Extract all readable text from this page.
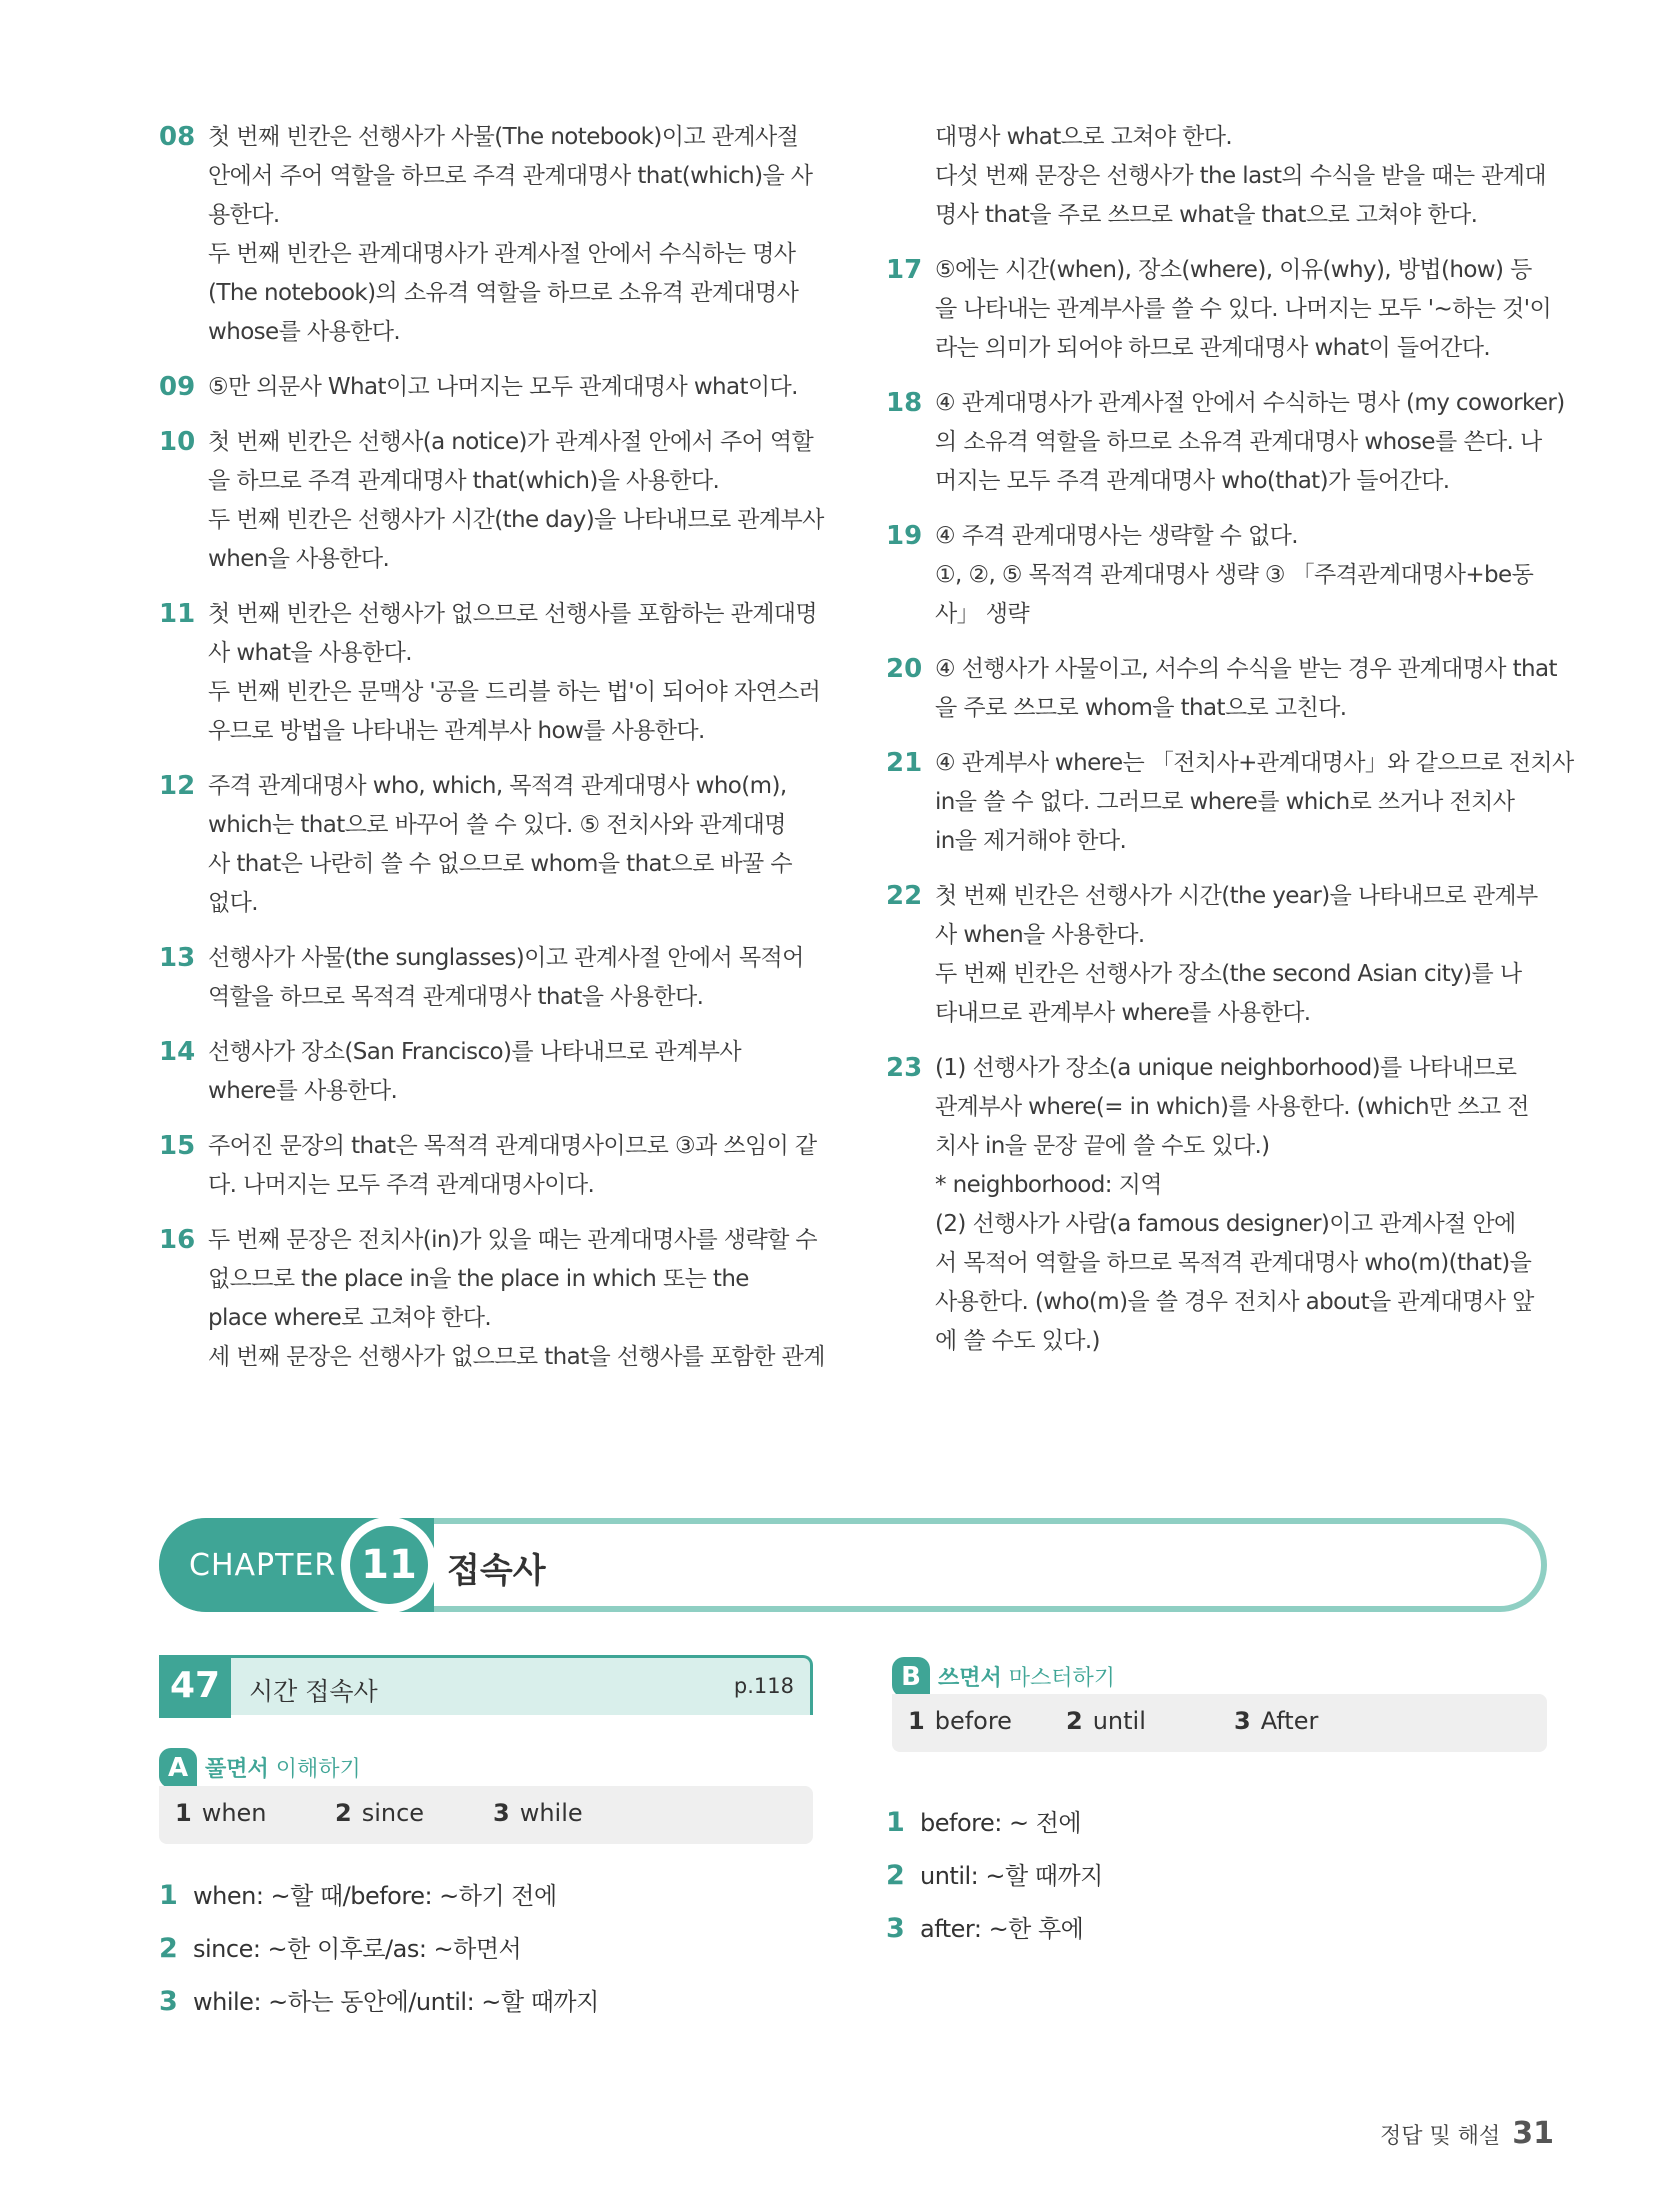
08 첫 번째 빈칸은 선행사가 사물(The notebook)이고 관계사절
안에서 주어 역할을 하므로 주격 관계대명사 that(which)을 사
용한다.
두 번째 빈칸은 관계대명사가 관계사절 안에서 수식하는 명사
(The notebook)의 소유격 역할을 하므로 소유격 관계대명사
whose를 사용한다.
09 ⑤만 의문사 What이고 나머지는 모두 관계대명사 what이다.
10 첫 번째 빈칸은 선행사(a notice)가 관계사절 안에서 주어 역할
을 하므로 주격 관계대명사 that(which)을 사용한다.
두 번째 빈칸은 선행사가 시간(the day)을 나타내므로 관계부사
when을 사용한다.
11 첫 번째 빈칸은 선행사가 없으므로 선행사를 포함하는 관계대명
사 what을 사용한다.
두 번째 빈칸은 문맥상 '공을 드리블 하는 법'이 되어야 자연스러
우므로 방법을 나타내는 관계부사 how를 사용한다.
12 주격 관계대명사 who, which, 목적격 관계대명사 who(m),
which는 that으로 바꾸어 쓸 수 있다. ⑤ 전치사와 관계대명
사 that은 나란히 쓸 수 없으므로 whom을 that으로 바꿀 수
없다.
13 선행사가 사물(the sunglasses)이고 관계사절 안에서 목적어
역할을 하므로 목적격 관계대명사 that을 사용한다.
14 선행사가 장소(San Francisco)를 나타내므로 관계부사
where를 사용한다.
15 주어진 문장의 that은 목적격 관계대명사이므로 ③과 쓰임이 같
다. 나머지는 모두 주격 관계대명사이다.
16 두 번째 문장은 전치사(in)가 있을 때는 관계대명사를 생략할 수
없으므로 the place in을 the place in which 또는 the
place where로 고쳐야 한다.
세 번째 문장은 선행사가 없으므로 that을 선행사를 포함한 관계
대명사 what으로 고쳐야 한다.
다섯 번째 문장은 선행사가 the last의 수식을 받을 때는 관계대
명사 that을 주로 쓰므로 what을 that으로 고쳐야 한다.
17 ⑤에는 시간(when), 장소(where), 이유(why), 방법(how) 등
을 나타내는 관계부사를 쓸 수 있다. 나머지는 모두 '~하는 것'이
라는 의미가 되어야 하므로 관계대명사 what이 들어간다.
18 ④ 관계대명사가 관계사절 안에서 수식하는 명사 (my coworker)
의 소유격 역할을 하므로 소유격 관계대명사 whose를 쓴다. 나
머지는 모두 주격 관계대명사 who(that)가 들어간다.
19 ④ 주격 관계대명사는 생략할 수 없다.
①, ②, ⑤ 목적격 관계대명사 생략 ③ 「주격관계대명사+be동
사」 생략
20 ④ 선행사가 사물이고, 서수의 수식을 받는 경우 관계대명사 that
을 주로 쓰므로 whom을 that으로 고친다.
21 ④ 관계부사 where는 「전치사+관계대명사」와 같으므로 전치사
in을 쓸 수 없다. 그러므로 where를 which로 쓰거나 전치사
in을 제거해야 한다.
22 첫 번째 빈칸은 선행사가 시간(the year)을 나타내므로 관계부
사 when을 사용한다.
두 번째 빈칸은 선행사가 장소(the second Asian city)를 나
타내므로 관계부사 where를 사용한다.
23 (1) 선행사가 장소(a unique neighborhood)를 나타내므로
관계부사 where(= in which)를 사용한다. (which만 쓰고 전
치사 in을 문장 끝에 쓸 수도 있다.)
* neighborhood: 지역
(2) 선행사가 사람(a famous designer)이고 관계사절 안에
서 목적어 역할을 하므로 목적격 관계대명사 who(m)(that)을
사용한다. (who(m)을 쓸 경우 전치사 about을 관계대명사 앞
에 쓸 수도 있다.)
CHAPTER 11 접속사
47	시간 접속사	p.118
A 풀면서 이해하기
1 when	2 since	3 while
1 when: ~할 때/before: ~하기 전에
2 since: ~한 이후로/as: ~하면서
3 while: ~하는 동안에/until: ~할 때까지
B 쓰면서 마스터하기
1 before 2 until	3 After
1 before: ~ 전에
2 until: ~할 때까지
3 after: ~한 후에
정답 및 해설 31
